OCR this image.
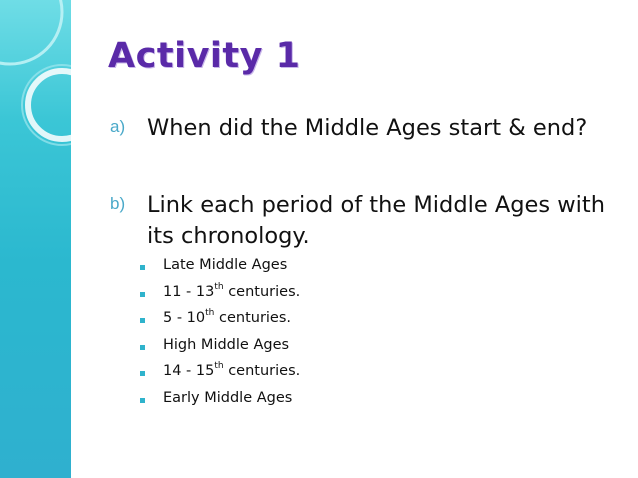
Activity 1
a) When did the Middle Ages start & end?
b) Link each period of the Middle Ages with its chronology.
Late Middle Ages
11 - 13th centuries.
5 - 10th centuries.
High Middle Ages
14 - 15th centuries.
Early Middle Ages
